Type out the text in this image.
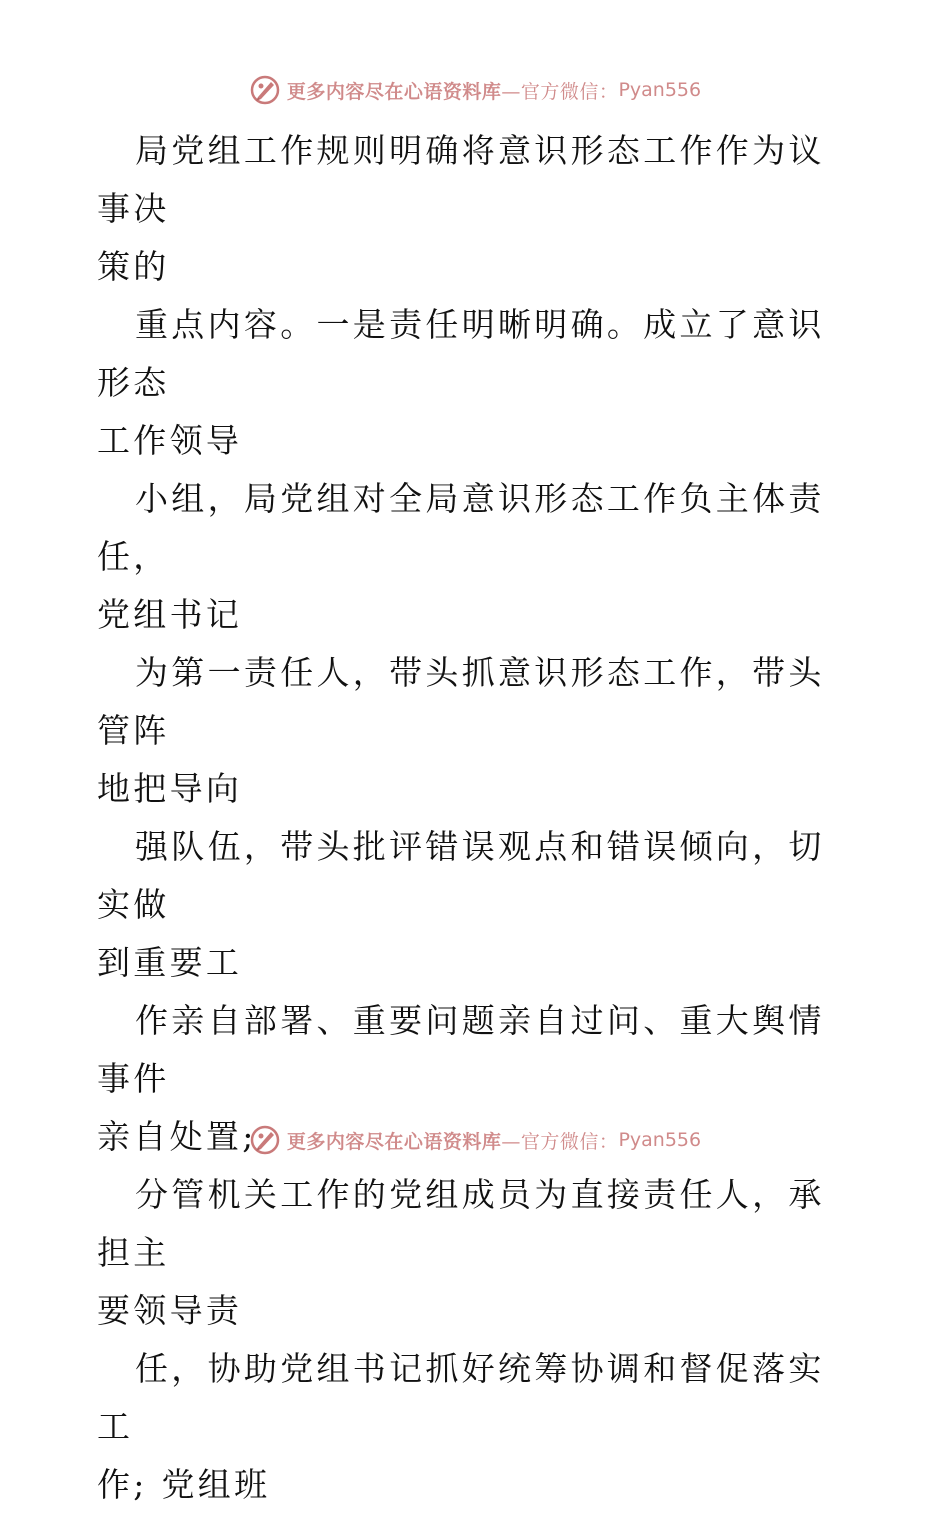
更多内容尽在心语资料库 —官方微信： Pyan556

局党组工作规则明确将意识形态工作作为议事决
策的

重点内容。一是责任明晰明确。成立了意识形态
工作领导

小组，局党组对全局意识形态工作负主体责任，
党组书记

为第一责任人，带头抓意识形态工作，带头管阵
地把导向

强队伍，带头批评错误观点和错误倾向，切实做
到重要工

作亲自部署、重要问题亲自过问、重大舆情事件
亲自处置;

分管机关工作的党组成员为直接责任人，承担主
要领导责

任，协助党组书记抓好统筹协调和督促落实工
作; 党组班

更多内容尽在心语资料库 —官方微信： Pyan556
